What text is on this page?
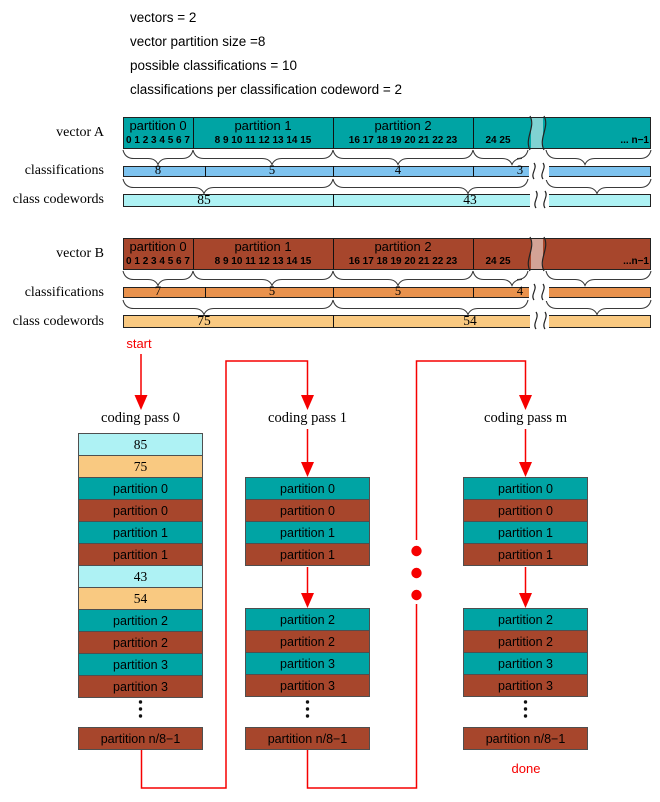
vectors = 2
vector partition size =8
possible classifications = 10
classifications per classification codeword = 2
vector A
classifications
class codewords
vector B
classifications
class codewords
start
done
coding pass 0	coding pass 1	coding pass m
partition 0	partition 1	partition 2
0 1 2 3 4 5 6 7	8 9 10 11 12 13 14 15	16 17 18 19 20 21 22 23	24 25	... n−1
8	5	4	3
85	43
partition 0	partition 1	partition 2
0 1 2 3 4 5 6 7	8 9 10 11 12 13 14 15	16 17 18 19 20 21 22 23	24 25	...n−1
7	5	5	4
75	54
85
75
partition 0
partition 0
partition 1
partition 1
43
54
partition 2
partition 2
partition 3
partition 3
partition n/8−1
partition 0
partition 0
partition 1
partition 1
partition 2
partition 2
partition 3
partition 3
partition n/8−1
partition 0
partition 0
partition 1
partition 1
partition 2
partition 2
partition 3
partition 3
partition n/8−1
